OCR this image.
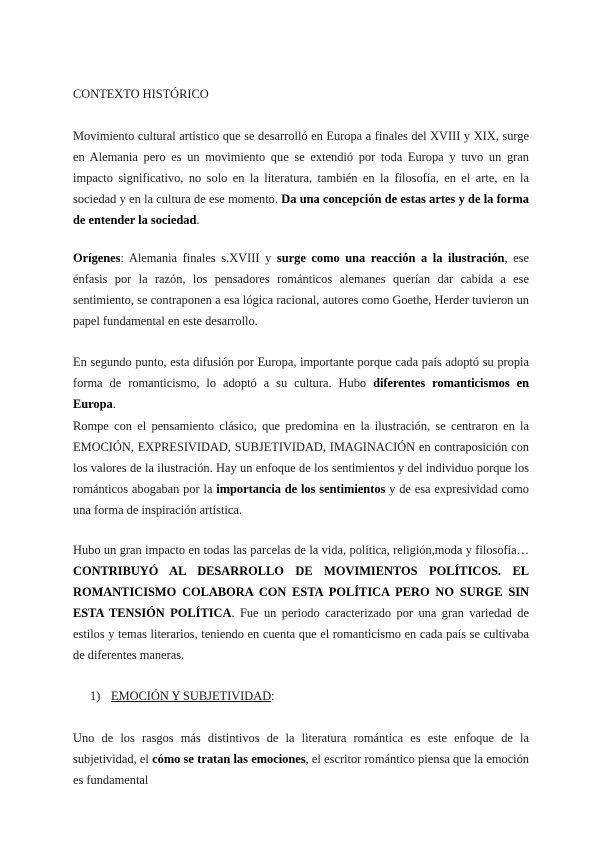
CONTEXTO HISTÓRICO

Movimiento cultural artístico que se desarrolló en Europa a finales del XVIII y XIX, surge en Alemania pero es un movimiento que se extendió por toda Europa y tuvo un gran impacto significativo, no solo en la literatura, también en la filosofía, en el arte, en la sociedad y en la cultura de ese momento. Da una concepción de estas artes y de la forma de entender la sociedad.

Orígenes: Alemania finales s.XVIII y surge como una reacción a la ilustración, ese énfasis por la razón, los pensadores románticos alemanes querían dar cabida a ese sentimiento, se contraponen a esa lógica racional, autores como Goethe, Herder tuvieron un papel fundamental en este desarrollo.

En segundo punto, esta difusión por Europa, importante porque cada país adoptó su propia forma de romanticismo, lo adoptó a su cultura. Hubo diferentes romanticismos en Europa.

Rompe con el pensamiento clásico, que predomina en la ilustración, se centraron en la EMOCIÓN, EXPRESIVIDAD, SUBJETIVIDAD, IMAGINACIÓN en contraposición con los valores de la ilustración. Hay un enfoque de los sentimientos y del individuo porque los románticos abogaban por la importancia de los sentimientos y de esa expresividad como una forma de inspiración artística.

Hubo un gran impacto en todas las parcelas de la vida, política, religión,moda y filosofía… CONTRIBUYÓ AL DESARROLLO DE MOVIMIENTOS POLÍTICOS. EL ROMANTICISMO COLABORA CON ESTA POLÍTICA PERO NO SURGE SIN ESTA TENSIÓN POLÍTICA. Fue un periodo caracterizado por una gran variedad de estilos y temas literarios, teniendo en cuenta que el romanticismo en cada país se cultivaba de diferentes maneras.

1) EMOCIÓN Y SUBJETIVIDAD:

Uno de los rasgos más distintivos de la literatura romántica es este enfoque de la subjetividad, el cómo se tratan las emociones, el escritor romántico piensa que la emoción es fundamental
